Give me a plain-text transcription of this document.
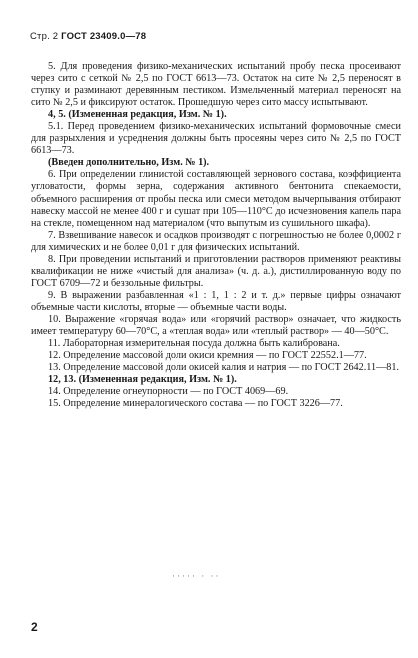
Стр. 2 ГОСТ 23409.0—78

5. Для проведения физико-механических испытаний пробу песка просеивают через сито с сеткой № 2,5 по ГОСТ 6613—73. Остаток на сите № 2,5 переносят в ступку и разминают деревянным пестиком. Измельченный материал переносят на сито № 2,5 и фиксируют остаток. Прошедшую через сито массу испытывают.

4, 5. (Измененная редакция, Изм. № 1).

5.1. Перед проведением физико-механических испытаний формовочные смеси для разрыхления и усреднения должны быть просеяны через сито № 2,5 по ГОСТ 6613—73.

(Введен дополнительно, Изм. № 1).

6. При определении глинистой составляющей зернового состава, коэффициента угловатости, формы зерна, содержания активного бентонита спекаемости, объемного расширения от пробы песка или смеси методом вычерпывания отбирают навеску массой не менее 400 г и сушат при 105—110°С до исчезновения капель пара на стекле, помещенном над материалом (что выпутым из сушильного шкафа).

7. Взвешивание навесок и осадков производят с погрешностью не более 0,0002 г для химических и не более 0,01 г для физических испытаний.

8. При проведении испытаний и приготовлении растворов применяют реактивы квалификации не ниже «чистый для анализа» (ч. д. а.), дистиллированную воду по ГОСТ 6709—72 и беззольные фильтры.

9. В выражении разбавленная «1 : 1, 1 : 2 и т. д.» первые цифры означают объемные части кислоты, вторые — объемные части воды.

10. Выражение «горячая вода» или «горячий раствор» означает, что жидкость имеет температуру 60—70°С, а «теплая вода» или «теплый раствор» — 40—50°С.

11. Лабораторная измерительная посуда должна быть калибрована.

12. Определение массовой доли окиси кремния — по ГОСТ 22552.1—77.

13. Определение массовой доли окисей калия и натрия — по ГОСТ 2642.11—81.

12, 13. (Измененная редакция, Изм. № 1).

14. Определение огнеупорности — по ГОСТ 4069—69.

15. Определение минералогического состава — по ГОСТ 3226—77.

····· · ··
2
